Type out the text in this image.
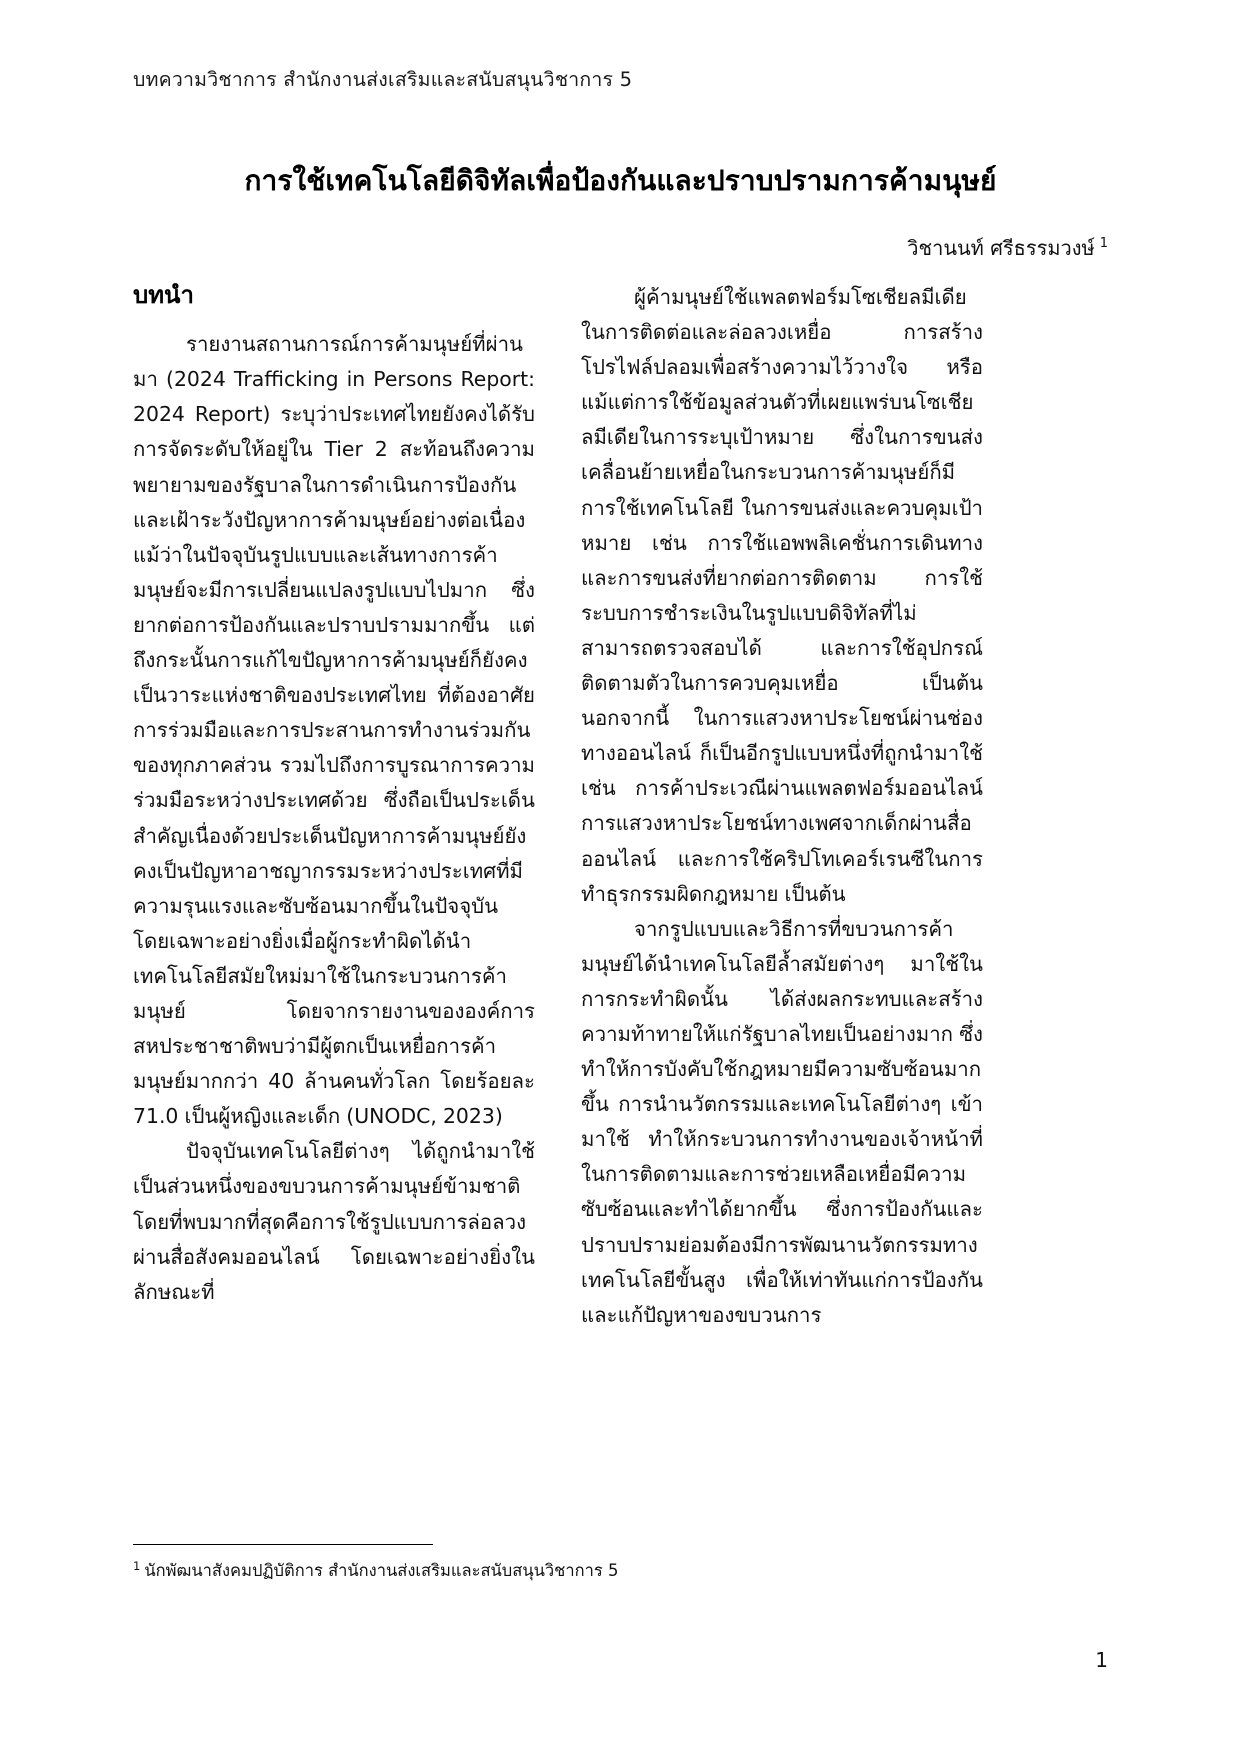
บทความวิชาการ สำนักงานส่งเสริมและสนับสนุนวิชาการ 5
การใช้เทคโนโลยีดิจิทัลเพื่อป้องกันและปราบปรามการค้ามนุษย์
วิชานนท์ ศรีธรรมวงษ์ $^1$
บทนำ

รายงานสถานการณ์การค้ามนุษย์ที่ผ่านมา (2024 Trafficking in Persons Report: 2024 Report) ระบุว่าประเทศไทยยังคงได้รับการจัดระดับให้อยู่ใน Tier 2 สะท้อนถึงความพยายามของรัฐบาลในการดำเนินการป้องกันและเฝ้าระวังปัญหาการค้ามนุษย์อย่างต่อเนื่อง แม้ว่าในปัจจุบันรูปแบบและเส้นทางการค้ามนุษย์จะมีการเปลี่ยนแปลงรูปแบบไปมาก ซึ่งยากต่อการป้องกันและปราบปรามมากขึ้น แต่ถึงกระนั้นการแก้ไขปัญหาการค้ามนุษย์ก็ยังคงเป็นวาระแห่งชาติของประเทศไทย ที่ต้องอาศัยการร่วมมือและการประสานการทำงานร่วมกันของทุกภาคส่วน รวมไปถึงการบูรณาการความร่วมมือระหว่างประเทศด้วย ซึ่งถือเป็นประเด็นสำคัญเนื่องด้วยประเด็นปัญหาการค้ามนุษย์ยังคงเป็นปัญหาอาชญากรรมระหว่างประเทศที่มีความรุนแรงและซับซ้อนมากขึ้นในปัจจุบัน โดยเฉพาะอย่างยิ่งเมื่อผู้กระทำผิดได้นำเทคโนโลยีสมัยใหม่มาใช้ในกระบวนการค้ามนุษย์ โดยจากรายงานขององค์การสหประชาชาติพบว่ามีผู้ตกเป็นเหยื่อการค้ามนุษย์มากกว่า 40 ล้านคนทั่วโลก โดยร้อยละ 71.0 เป็นผู้หญิงและเด็ก (UNODC, 2023)

ปัจจุบันเทคโนโลยีต่างๆ ได้ถูกนำมาใช้เป็นส่วนหนึ่งของขบวนการค้ามนุษย์ข้ามชาติ โดยที่พบมากที่สุดคือการใช้รูปแบบการล่อลวงผ่านสื่อสังคมออนไลน์ โดยเฉพาะอย่างยิ่งในลักษณะที่

ผู้ค้ามนุษย์ใช้แพลตฟอร์มโซเชียลมีเดียในการติดต่อและล่อลวงเหยื่อ การสร้างโปรไฟล์ปลอมเพื่อสร้างความไว้วางใจ หรือแม้แต่การใช้ข้อมูลส่วนตัวที่เผยแพร่บนโซเชียลมีเดียในการระบุเป้าหมาย ซึ่งในการขนส่งเคลื่อนย้ายเหยื่อในกระบวนการค้ามนุษย์ก็มีการใช้เทคโนโลยี ในการขนส่งและควบคุมเป้าหมาย เช่น การใช้แอพพลิเคชั่นการเดินทางและการขนส่งที่ยากต่อการติดตาม การใช้ระบบการชำระเงินในรูปแบบดิจิทัลที่ไม่สามารถตรวจสอบได้ และการใช้อุปกรณ์ติดตามตัวในการควบคุมเหยื่อ เป็นต้น นอกจากนี้ ในการแสวงหาประโยชน์ผ่านช่องทางออนไลน์ ก็เป็นอีกรูปแบบหนึ่งที่ถูกนำมาใช้ เช่น การค้าประเวณีผ่านแพลตฟอร์มออนไลน์ การแสวงหาประโยชน์ทางเพศจากเด็กผ่านสื่อออนไลน์ และการใช้คริปโทเคอร์เรนซีในการทำธุรกรรมผิดกฎหมาย เป็นต้น

จากรูปแบบและวิธีการที่ขบวนการค้ามนุษย์ได้นำเทคโนโลยีล้ำสมัยต่างๆ มาใช้ในการกระทำผิดนั้น ได้ส่งผลกระทบและสร้างความท้าทายให้แก่รัฐบาลไทยเป็นอย่างมาก ซึ่งทำให้การบังคับใช้กฎหมายมีความซับซ้อนมากขึ้น การนำนวัตกรรมและเทคโนโลยีต่างๆ เข้ามาใช้ ทำให้กระบวนการทำงานของเจ้าหน้าที่ในการติดตามและการช่วยเหลือเหยื่อมีความซับซ้อนและทำได้ยากขึ้น ซึ่งการป้องกันและปราบปรามย่อมต้องมีการพัฒนานวัตกรรมทางเทคโนโลยีขั้นสูง เพื่อให้เท่าทันแก่การป้องกันและแก้ปัญหาของขบวนการ

$^1$ นักพัฒนาสังคมปฏิบัติการ สำนักงานส่งเสริมและสนับสนุนวิชาการ 5
1
